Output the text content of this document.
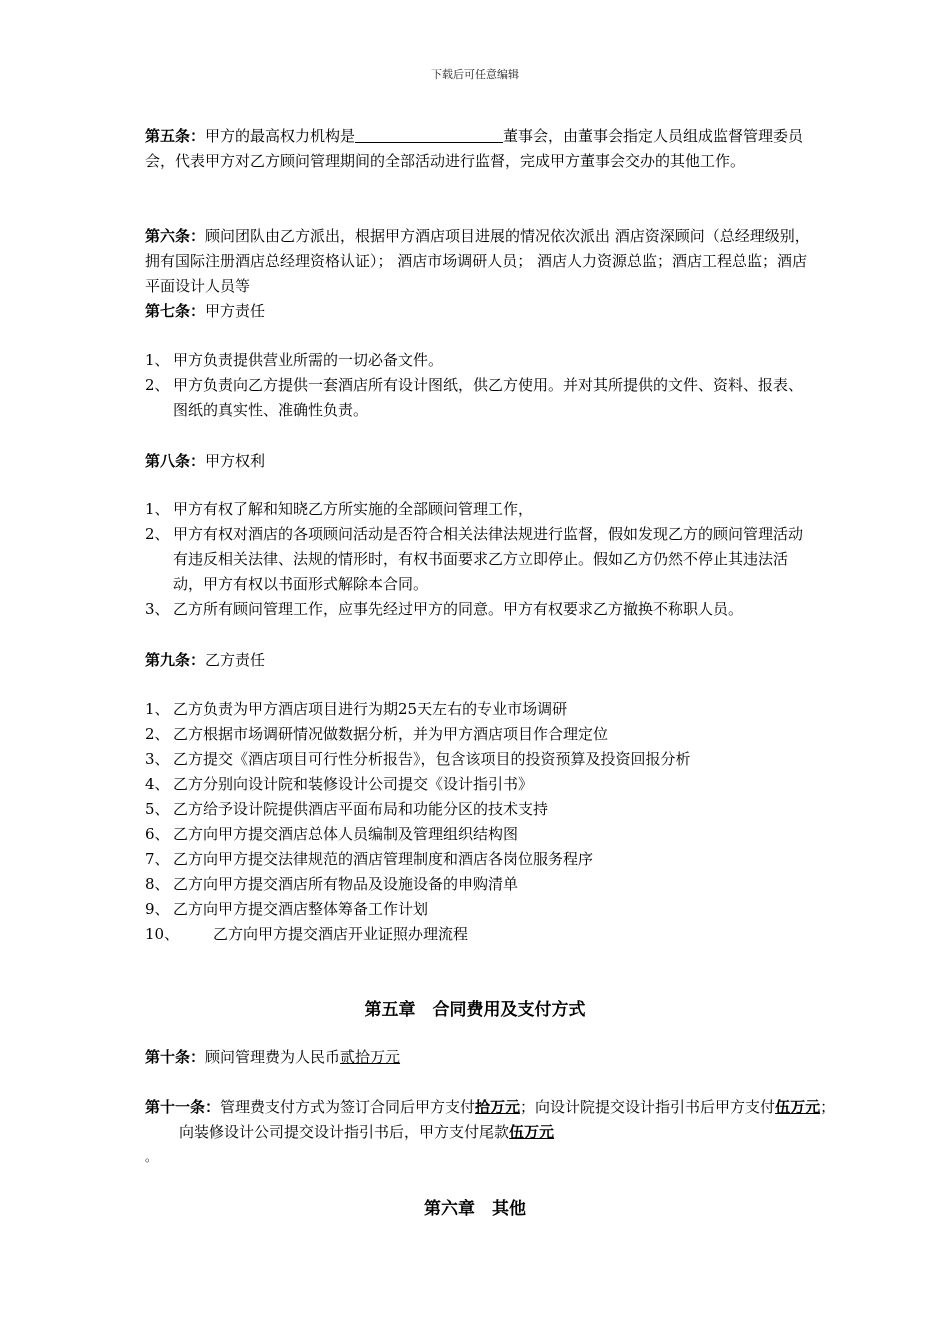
下载后可任意编辑
第五条：甲方的最高权力机构是	董事会，由董事会指定人员组成监督管理委员会，代表甲方对乙方顾问管理期间的全部活动进行监督，完成甲方董事会交办的其他工作。
第六条：顾问团队由乙方派出，根据甲方酒店项目进展的情况依次派出 酒店资深顾问（总经理级别，拥有国际注册酒店总经理资格认证）； 酒店市场调研人员； 酒店人力资源总监；酒店工程总监；酒店平面设计人员等
第七条：甲方责任
1、 甲方负责提供营业所需的一切必备文件。
2、 甲方负责向乙方提供一套酒店所有设计图纸，供乙方使用。并对其所提供的文件、资料、报表、图纸的真实性、准确性负责。
第八条：甲方权利
1、 甲方有权了解和知晓乙方所实施的全部顾问管理工作，
2、 甲方有权对酒店的各项顾问活动是否符合相关法律法规进行监督，假如发现乙方的顾问管理活动有违反相关法律、法规的情形时，有权书面要求乙方立即停止。假如乙方仍然不停止其违法活动，甲方有权以书面形式解除本合同。
3、 乙方所有顾问管理工作，应事先经过甲方的同意。甲方有权要求乙方撤换不称职人员。
第九条：乙方责任
1、 乙方负责为甲方酒店项目进行为期25天左右的专业市场调研
2、 乙方根据市场调研情况做数据分析，并为甲方酒店项目作合理定位
3、 乙方提交《酒店项目可行性分析报告》，包含该项目的投资预算及投资回报分析
4、 乙方分别向设计院和装修设计公司提交《设计指引书》
5、 乙方给予设计院提供酒店平面布局和功能分区的技术支持
6、 乙方向甲方提交酒店总体人员编制及管理组织结构图
7、 乙方向甲方提交法律规范的酒店管理制度和酒店各岗位服务程序
8、 乙方向甲方提交酒店所有物品及设施设备的申购清单
9、 乙方向甲方提交酒店整体筹备工作计划
10、 乙方向甲方提交酒店开业证照办理流程
第五章　合同费用及支付方式
第十条：顾问管理费为人民币贰拾万元
第十一条：管理费支付方式为签订合同后甲方支付拾万元；向设计院提交设计指引书后甲方支付伍万元；向装修设计公司提交设计指引书后，甲方支付尾款伍万元
。
第六章　其他
